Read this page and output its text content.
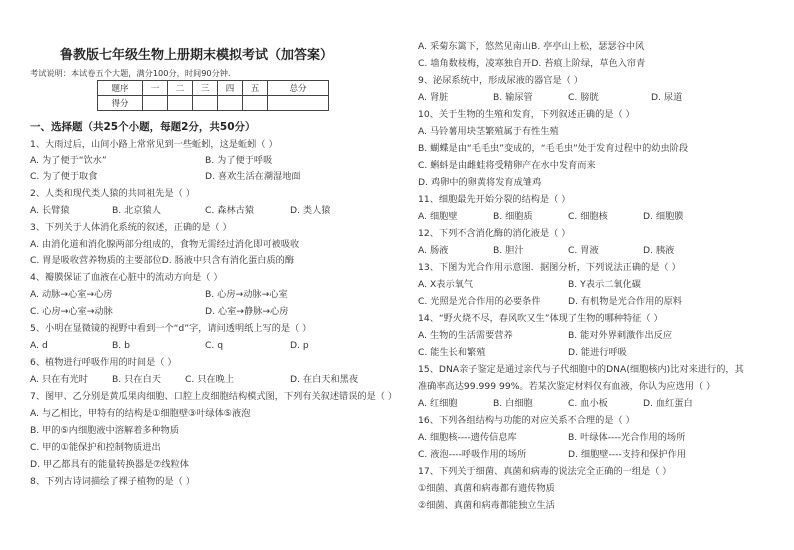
鲁教版七年级生物上册期末模拟考试（加答案）
考试说明：本试卷五个大题，满分100分，时间90分钟．
题序	一	二	三	四	五	总分
得分						
一、选择题（共25个小题，每题2分，共50分）
1、大雨过后，山间小路上常常见到一些蚯蚓，这是蚯蚓（ ）
A. 为了便于“饮水”	B. 为了便于呼吸
C. 为了便于取食	D. 喜欢生活在潮湿地面
2、人类和现代类人猿的共同祖先是（ ）
A. 长臂猿	B. 北京猿人	C. 森林古猿	D. 类人猿
3、下列关于人体消化系统的叙述，正确的是（ ）
A. 由消化道和消化腺两部分组成的，食物无需经过消化即可被吸收
C. 胃是吸收营养物质的主要部位D. 肠液中只含有消化蛋白质的酶
4、瓣膜保证了血液在心脏中的流动方向是（ ）
A. 动脉→心室→心房	B. 心房→动脉→心室
C. 心房→心室→动脉	D. 心室→静脉→心房
5、小明在显微镜的视野中看到一个“d”字，请问透明纸上写的是（ ）
A. d	B. b	C. q	D. p
6、植物进行呼吸作用的时间是（ ）
A. 只在有光时	B. 只在白天	C. 只在晚上	D. 在白天和黑夜
7、图甲、乙分别是黄瓜果肉细胞、口腔上皮细胞结构模式图，下列有关叙述错误的是（ ）
A. 与乙相比，甲特有的结构是①细胞壁③叶绿体⑤液泡
B. 甲的⑤内细胞液中溶解着多种物质
C. 甲的①能保护和控制物质进出
D. 甲乙都具有的能量转换器是⑦线粒体
8、下列古诗词描绘了裸子植物的是（ ）
A. 采菊东篱下，悠然见南山B. 亭亭山上松，瑟瑟谷中风
C. 墙角数枝梅，凌寒独自开D. 苔痕上阶绿，草色入帘青
9、泌尿系统中，形成尿液的器官是（ ）
A. 肾脏	B. 输尿管	C. 膀胱	D. 尿道
10、关于生物的生殖和发育，下列叙述正确的是（ ）
A. 马铃薯用块茎繁殖属于有性生殖
B. 蝴蝶是由“毛毛虫”变成的，“毛毛虫”处于发育过程中的幼虫阶段
C. 蝌蚪是由雌蛙将受精卵产在水中发育而来
D. 鸡卵中的卵黄将发育成雏鸡
11、细胞最先开始分裂的结构是（ ）
A. 细胞壁	B. 细胞质	C. 细胞核	D. 细胞膜
12、下列不含消化酶的消化液是（ ）
A. 肠液	B. 胆汁	C. 胃液	D. 胰液
13、下图为光合作用示意图．据图分析，下列说法正确的是（ ）
A. X表示氧气	B. Y表示二氧化碳
C. 光照是光合作用的必要条件	D. 有机物是光合作用的原料
14、“野火烧不尽，春风吹又生”体现了生物的哪种特征（ ）
A. 生物的生活需要营养	B. 能对外界刺激作出反应
C. 能生长和繁殖	D. 能进行呼吸
15、DNA亲子鉴定是通过亲代与子代细胞中的DNA(细胞核内)比对来进行的，其
准确率高达99.999 99%。若某次鉴定材料仅有血液，你认为应选用（ ）
A. 红细胞	B. 白细胞	C. 血小板	D. 血红蛋白
16、下列各组结构与功能的对应关系不合理的是（ ）
A. 细胞核----遗传信息库	B. 叶绿体----光合作用的场所
C. 液泡----呼吸作用的场所	D. 细胞壁----支持和保护作用
17、下列关于细菌、真菌和病毒的说法完全正确的一组是（ ）
①细菌、真菌和病毒都有遗传物质
②细菌、真菌和病毒都能独立生活
